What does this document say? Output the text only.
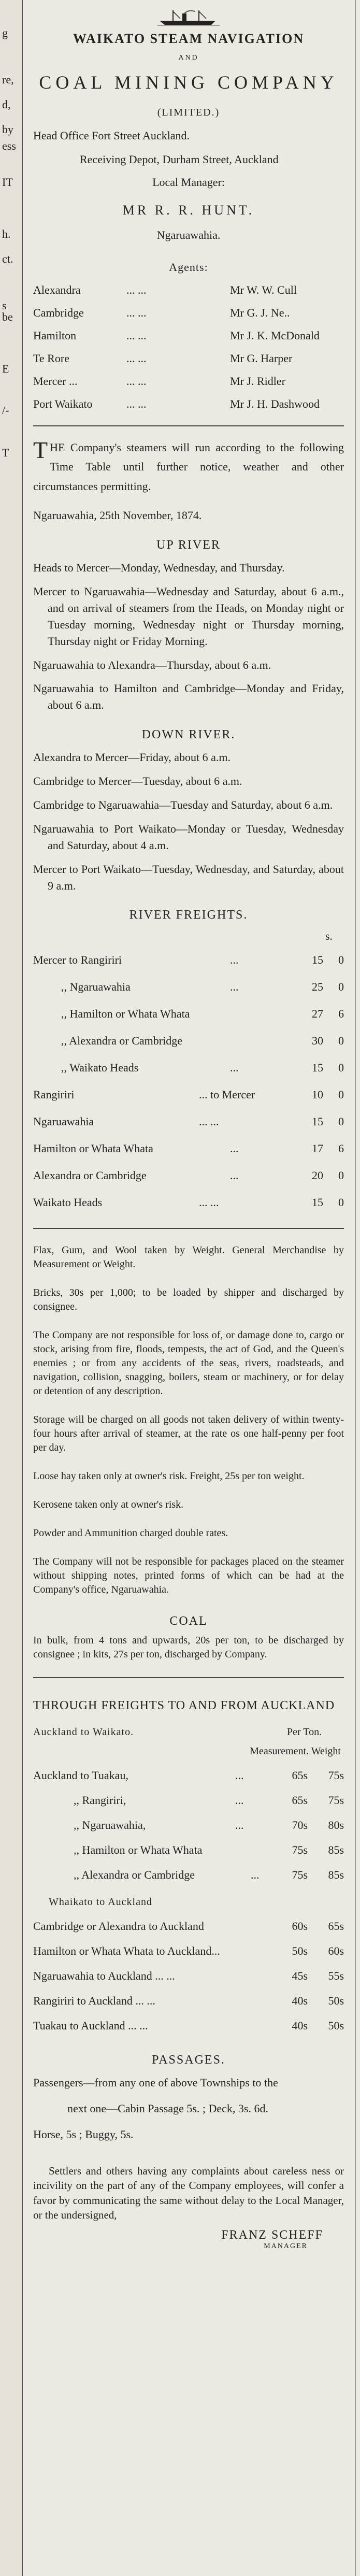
g
re,
d,
by
ess
IT
h.
ct.
s
be
E
/-
T
WAIKATO STEAM NAVIGATION
AND
COAL MINING COMPANY
(LIMITED.)
Head Office Fort Street Auckland.
Receiving Depot, Durham Street, Auckland
Local Manager:
MR R. R. HUNT.
Ngaruawahia.
Agents:
Alexandra	... ...	Mr W. W. Cull
Cambridge	... ...	Mr G. J. Ne..
Hamilton	... ...	Mr J. K. McDonald
Te Rore	... ...	Mr G. Harper
Mercer ...	... ...	Mr J. Ridler
Port Waikato	... ...	Mr J. H. Dashwood
THE Company's steamers will run according to the following Time Table until further notice, weather and other circumstances permitting.
Ngaruawahia, 25th November, 1874.
UP RIVER
Heads to Mercer—Monday, Wednesday, and Thursday.
Mercer to Ngaruawahia—Wednesday and Saturday, about 6 a.m., and on arrival of steamers from the Heads, on Monday night or Tuesday morning, Wednesday night or Thursday morning, Thursday night or Friday Morning.
Ngaruawahia to Alexandra—Thursday, about 6 a.m.
Ngaruawahia to Hamilton and Cambridge—Monday and Friday, about 6 a.m.
DOWN RIVER.
Alexandra to Mercer—Friday, about 6 a.m.
Cambridge to Mercer—Tuesday, about 6 a.m.
Cambridge to Ngaruawahia—Tuesday and Saturday, about 6 a.m.
Ngaruawahia to Port Waikato—Monday or Tuesday, Wednesday and Saturday, about 4 a.m.
Mercer to Port Waikato—Tuesday, Wednesday, and Saturday, about 9 a.m.
RIVER FREIGHTS.
s.
Mercer to Rangiriri	...	15	0
,, Ngaruawahia	...	25	0
,, Hamilton or Whata Whata	27	6
,, Alexandra or Cambridge	30	0
,, Waikato Heads	...	15	0
Rangiriri	... to Mercer	10	0
Ngaruawahia	... ...	15	0
Hamilton or Whata Whata	...	17	6
Alexandra or Cambridge	...	20	0
Waikato Heads	... ...	15	0
Flax, Gum, and Wool taken by Weight. General Merchandise by Measurement or Weight.
Bricks, 30s per 1,000; to be loaded by shipper and discharged by consignee.
The Company are not responsible for loss of, or damage done to, cargo or stock, arising from fire, floods, tempests, the act of God, and the Queen's enemies ; or from any accidents of the seas, rivers, roadsteads, and navigation, collision, snagging, boilers, steam or machinery, or for delay or detention of any description.
Storage will be charged on all goods not taken delivery of within twenty-four hours after arrival of steamer, at the rate os one half-penny per foot per day.
Loose hay taken only at owner's risk. Freight, 25s per ton weight.
Kerosene taken only at owner's risk.
Powder and Ammunition charged double rates.
The Company will not be responsible for packages placed on the steamer without shipping notes, printed forms of which can be had at the Company's office, Ngaruawahia.
COAL
In bulk, from 4 tons and upwards, 20s per ton, to be discharged by consignee ; in kits, 27s per ton, discharged by Company.
THROUGH FREIGHTS TO AND FROM AUCKLAND
Auckland to Waikato.	Per Ton.
Measurement. Weight
Auckland to Tuakau,	...	65s	75s
,, Rangiriri,	...	65s	75s
,, Ngaruawahia,	...	70s	80s
,, Hamilton or Whata Whata	75s	85s
,, Alexandra or Cambridge	...	75s	85s
Whaikato to Auckland
Cambridge or Alexandra to Auckland	60s	65s
Hamilton or Whata Whata to Auckland...	50s	60s
Ngaruawahia to Auckland ... ...	45s	55s
Rangiriri to Auckland ... ...	40s	50s
Tuakau to Auckland ... ...	40s	50s
PASSAGES.
Passengers—from any one of above Townships to the
next one—Cabin Passage 5s. ; Deck, 3s. 6d.
Horse, 5s ; Buggy, 5s.
Settlers and others having any complaints about careless ness or incivility on the part of any of the Company employees, will confer a favor by communicating the same without delay to the Local Manager, or the undersigned,
FRANZ SCHEFF
MANAGER
